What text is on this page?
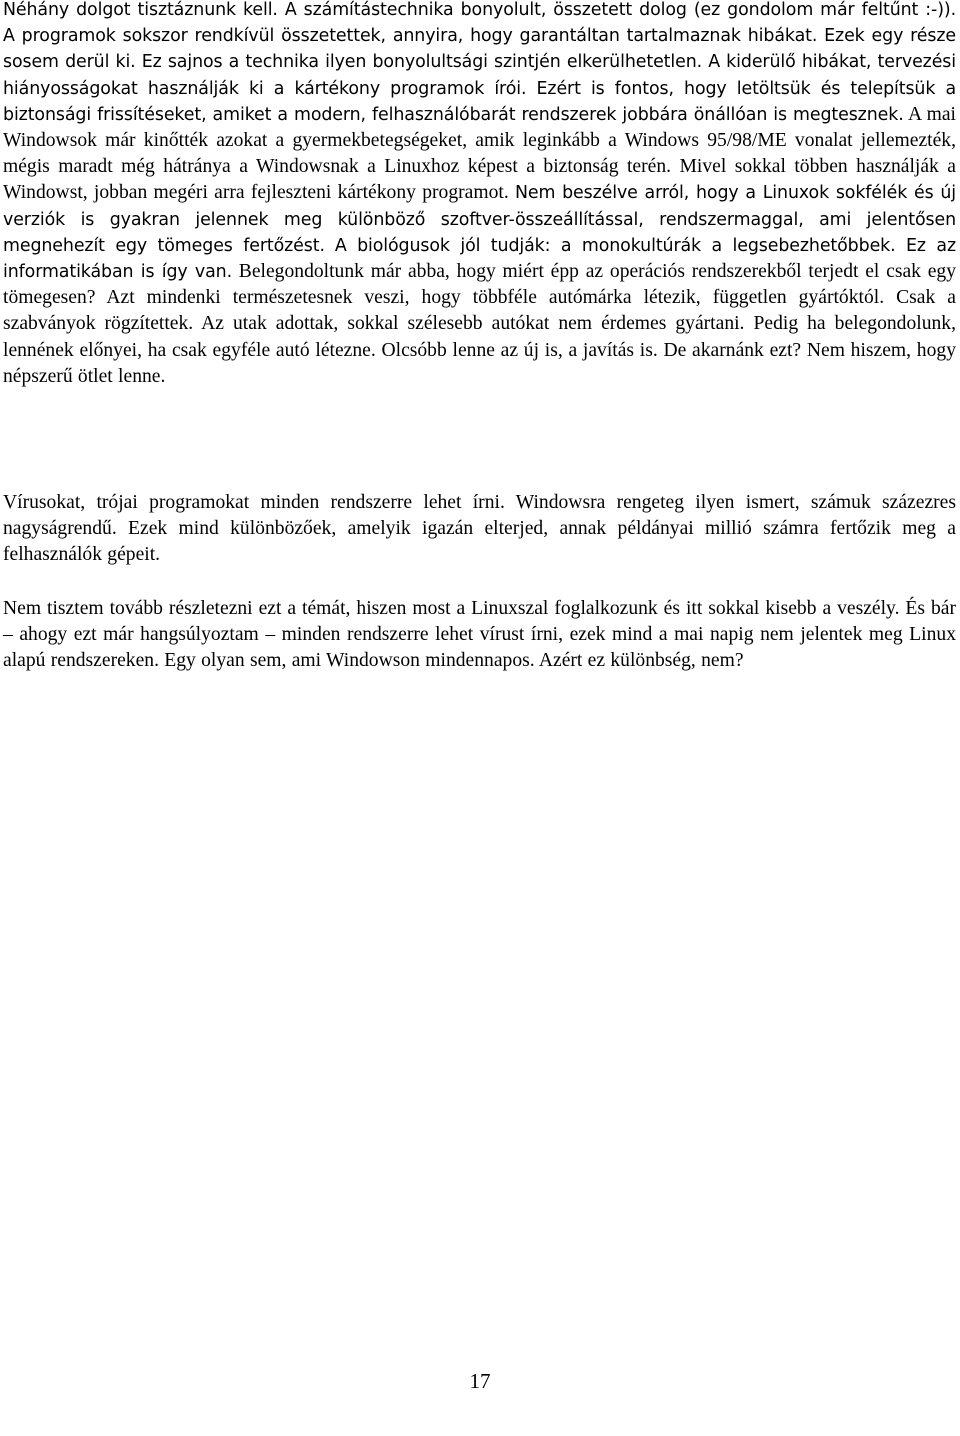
Néhány dolgot tisztáznunk kell. A számítástechnika bonyolult, összetett dolog (ez gondolom már feltűnt :-)). A programok sokszor rendkívül összetettek, annyira, hogy garantáltan tartalmaznak hibákat. Ezek egy része sosem derül ki. Ez sajnos a technika ilyen bonyolultsági szintjén elkerülhetetlen. A kiderülő hibákat, tervezési hiányosságokat használják ki a kártékony programok írói. Ezért is fontos, hogy letöltsük és telepítsük a biztonsági frissítéseket, amiket a modern, felhasználóbarát rendszerek jobbára önállóan is megtesznek. A mai Windowsok már kinőtték azokat a gyermekbetegségeket, amik leginkább a Windows 95/98/ME vonalat jellemezték, mégis maradt még hátránya a Windowsnak a Linuxhoz képest a biztonság terén. Mivel sokkal többen használják a Windowst, jobban megéri arra fejleszteni kártékony programot. Nem beszélve arról, hogy a Linuxok sokfélék és új verziók is gyakran jelennek meg különböző szoftver-összeállítással, rendszermaggal, ami jelentősen megnehezít egy tömeges fertőzést. A biológusok jól tudják: a monokultúrák a legsebezhetőbbek. Ez az informatikában is így van. Belegondoltunk már abba, hogy miért épp az operációs rendszerekből terjedt el csak egy tömegesen? Azt mindenki természetesnek veszi, hogy többféle autómárka létezik, független gyártóktól. Csak a szabványok rögzítettek. Az utak adottak, sokkal szélesebb autókat nem érdemes gyártani. Pedig ha belegondolunk, lennének előnyei, ha csak egyféle autó létezne. Olcsóbb lenne az új is, a javítás is. De akarnánk ezt? Nem hiszem, hogy népszerű ötlet lenne.

Vírusokat, trójai programokat minden rendszerre lehet írni. Windowsra rengeteg ilyen ismert, számuk százezres nagyságrendű. Ezek mind különbözőek, amelyik igazán elterjed, annak példányai millió számra fertőzik meg a felhasználók gépeit.

Nem tisztem tovább részletezni ezt a témát, hiszen most a Linuxszal foglalkozunk és itt sokkal kisebb a veszély. És bár – ahogy ezt már hangsúlyoztam – minden rendszerre lehet vírust írni, ezek mind a mai napig nem jelentek meg Linux alapú rendszereken. Egy olyan sem, ami Windowson mindennapos. Azért ez különbség, nem?

17
